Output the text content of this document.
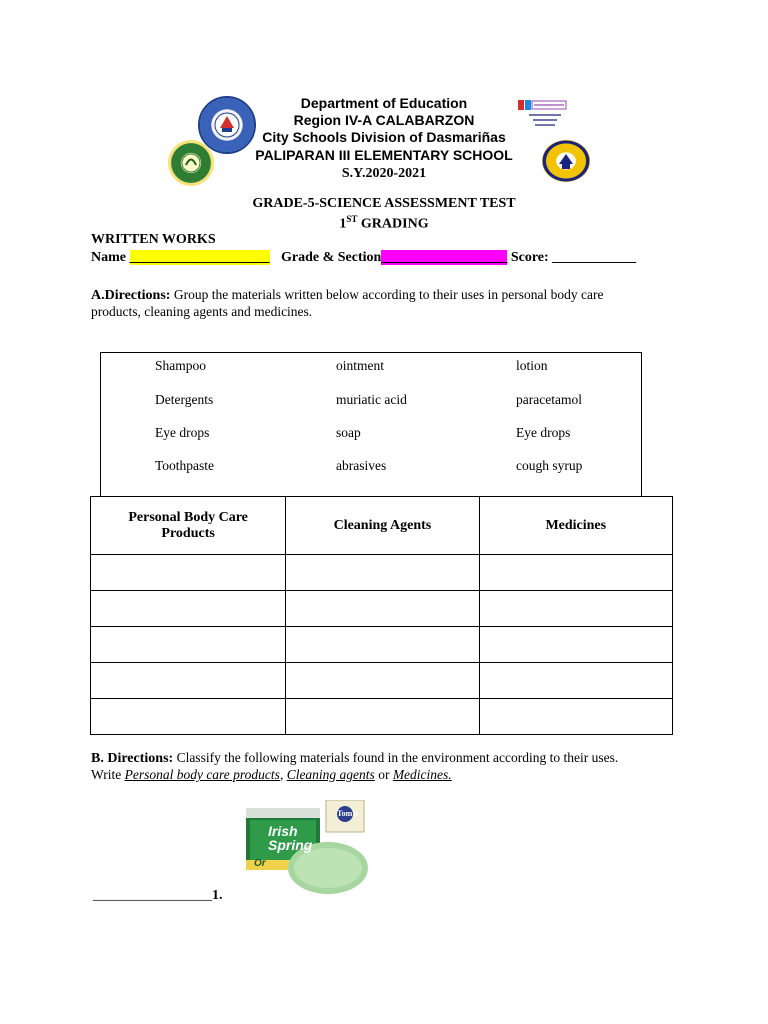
Department of Education
Region IV-A CALABARZON
City Schools Division of Dasmariñas
PALIPARAN III ELEMENTARY SCHOOL
S.Y.2020-2021
GRADE-5-SCIENCE ASSESSMENT TEST
1ST GRADING
WRITTEN WORKS
Name ____________________ Grade & Section__________________ Score: ____________
A.Directions: Group the materials written below according to their uses in personal body care
products, cleaning agents and medicines.
Shampoo	ointment	lotion
Detergents	muriatic acid	paracetamol
Eye drops	soap	Eye drops
Toothpaste	abrasives	cough syrup
Personal Body Care Products	Cleaning Agents	Medicines

B. Directions: Classify the following materials found in the environment according to their uses.
Write Personal body care products, Cleaning agents or Medicines.
Irish
Spring
Or
Tom's
_________________1.
